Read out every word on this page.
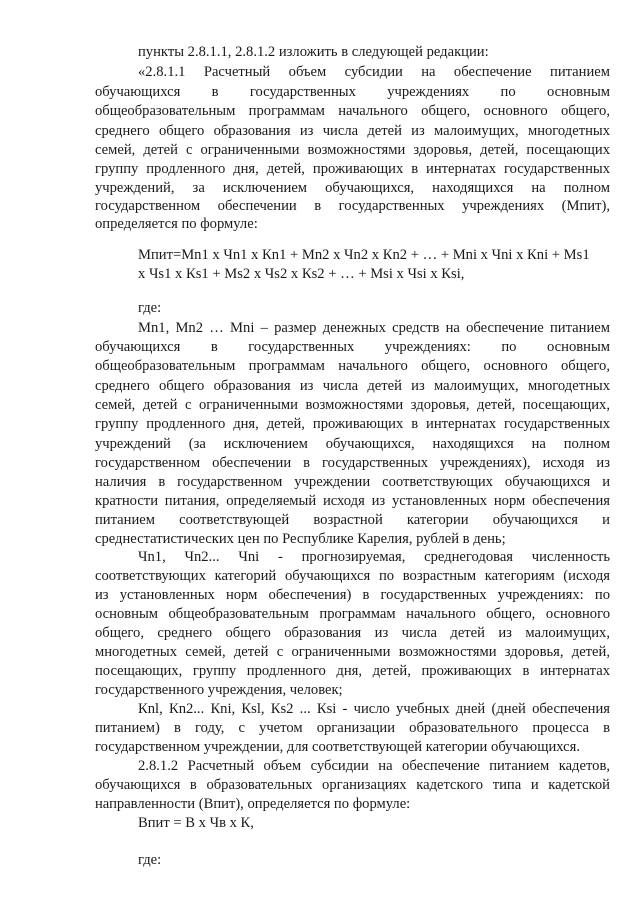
пункты 2.8.1.1, 2.8.1.2 изложить в следующей редакции:
«2.8.1.1 Расчетный объем субсидии на обеспечение питанием
обучающихся в государственных учреждениях по основным
общеобразовательным программам начального общего, основного общего,
среднего общего образования из числа детей из малоимущих, многодетных
семей, детей с ограниченными возможностями здоровья, детей, посещающих
группу продленного дня, детей, проживающих в интернатах государственных
учреждений, за исключением обучающихся, находящихся на полном
государственном обеспечении в государственных учреждениях (Мпит),
определяется по формуле:
Мпит=Мn1 x Чn1 x Кn1 + Мn2 x Чn2 x Кn2 + … + Мni x Чni x Кni + Мs1
x Чs1 x Кs1 + Мs2 x Чs2 x Кs2 + … + Мsi x Чsi x Кsi,
где:
Мn1, Мn2 … Мni – размер денежных средств на обеспечение питанием
обучающихся в государственных учреждениях: по основным
общеобразовательным программам начального общего, основного общего,
среднего общего образования из числа детей из малоимущих, многодетных
семей, детей с ограниченными возможностями здоровья, детей, посещающих,
группу продленного дня, детей, проживающих в интернатах государственных
учреждений (за исключением обучающихся, находящихся на полном
государственном обеспечении в государственных учреждениях), исходя из
наличия в государственном учреждении соответствующих обучающихся и
кратности питания, определяемый исходя из установленных норм обеспечения
питанием соответствующей возрастной категории обучающихся и
среднестатистических цен по Республике Карелия, рублей в день;
Чn1, Чn2... Чni - прогнозируемая, среднегодовая численность
соответствующих категорий обучающихся по возрастным категориям (исходя
из установленных норм обеспечения) в государственных учреждениях: по
основным общеобразовательным программам начального общего, основного
общего, среднего общего образования из числа детей из малоимущих,
многодетных семей, детей с ограниченными возможностями здоровья, детей,
посещающих, группу продленного дня, детей, проживающих в интернатах
государственного учреждения, человек;
Кnl, Кn2... Кni, Кsl, Кs2 ... Кsi - число учебных дней (дней обеспечения
питанием) в году, с учетом организации образовательного процесса в
государственном учреждении, для соответствующей категории обучающихся.
2.8.1.2 Расчетный объем субсидии на обеспечение питанием кадетов,
обучающихся в образовательных организациях кадетского типа и кадетской
направленности (Впит), определяется по формуле:
Впит = В x Чв x К,
где:
